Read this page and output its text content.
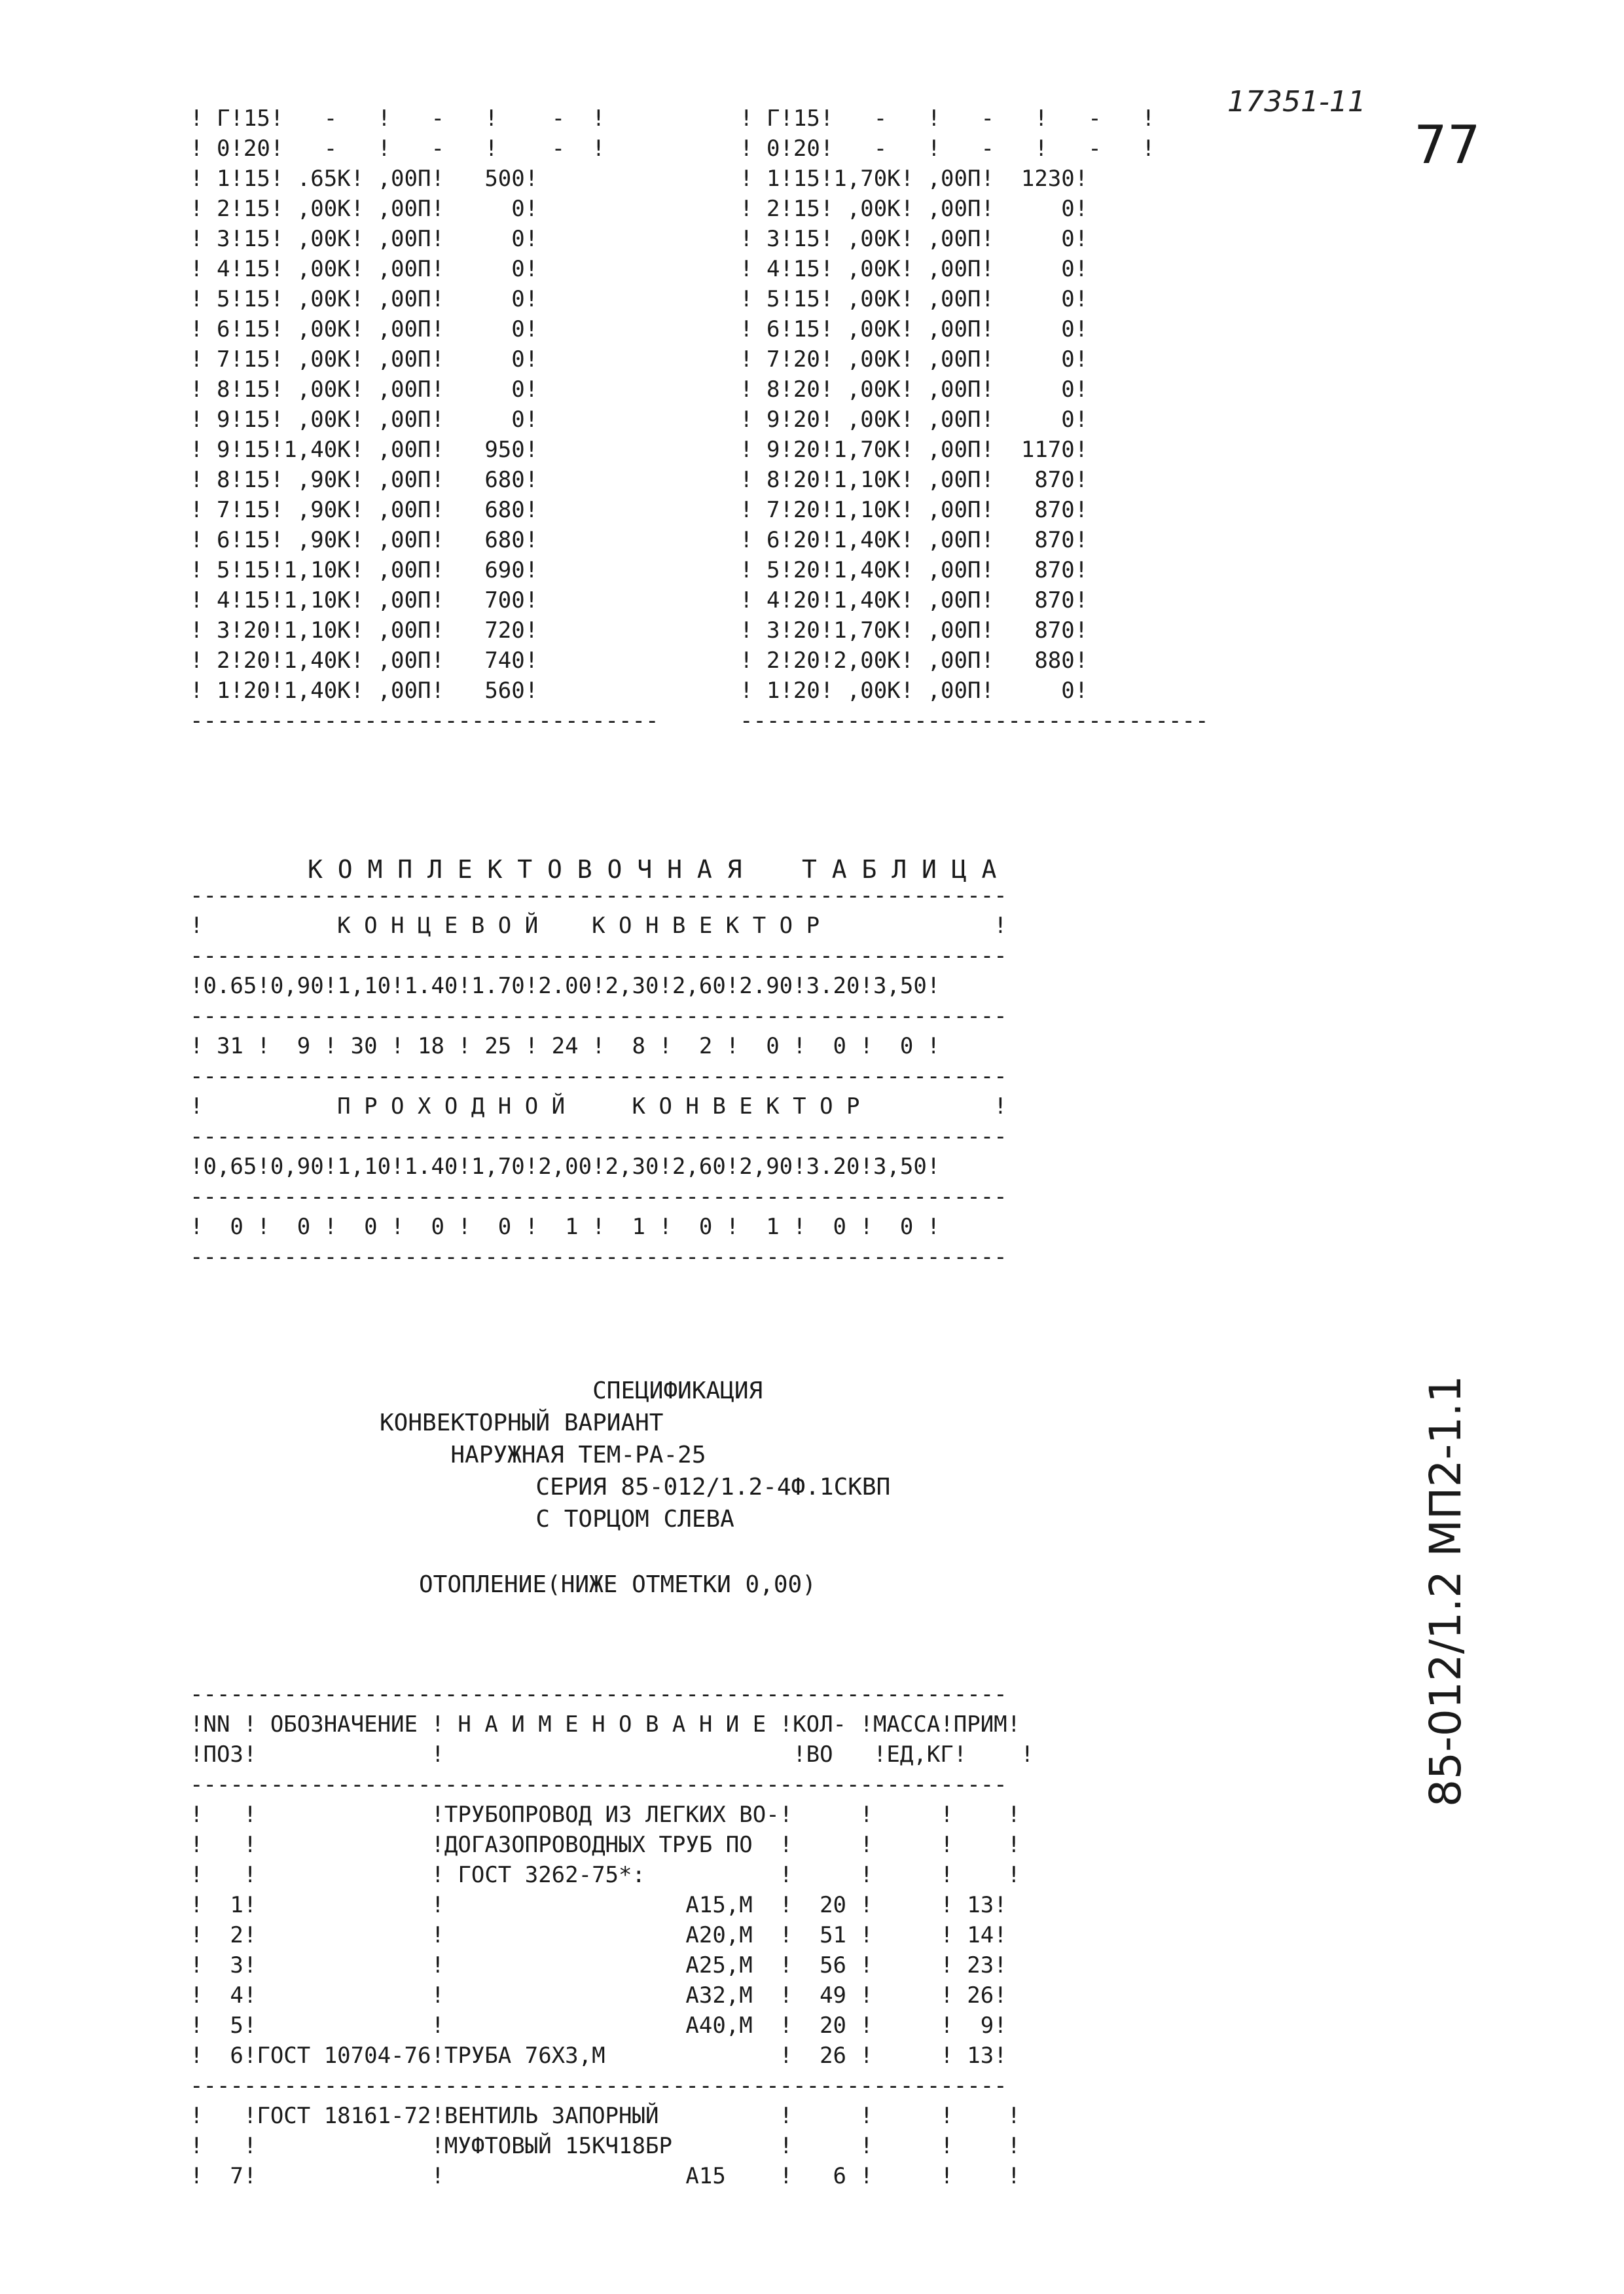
17351-11
77
85-012/1.2 МП2-1.1
! Г!15!   -   !   -   !    -  !
! 0!20!   -   !   -   !    -  !
! 1!15! .65К! ,00П!   500!
! 2!15! ,00К! ,00П!     0!
! 3!15! ,00К! ,00П!     0!
! 4!15! ,00К! ,00П!     0!
! 5!15! ,00К! ,00П!     0!
! 6!15! ,00К! ,00П!     0!
! 7!15! ,00К! ,00П!     0!
! 8!15! ,00К! ,00П!     0!
! 9!15! ,00К! ,00П!     0!
! 9!15!1,40К! ,00П!   950!
! 8!15! ,90К! ,00П!   680!
! 7!15! ,90К! ,00П!   680!
! 6!15! ,90К! ,00П!   680!
! 5!15!1,10К! ,00П!   690!
! 4!15!1,10К! ,00П!   700!
! 3!20!1,10К! ,00П!   720!
! 2!20!1,40К! ,00П!   740!
! 1!20!1,40К! ,00П!   560!
-----------------------------------
! Г!15!   -   !   -   !   -   !
! 0!20!   -   !   -   !   -   !
! 1!15!1,70К! ,00П!  1230!
! 2!15! ,00К! ,00П!     0!
! 3!15! ,00К! ,00П!     0!
! 4!15! ,00К! ,00П!     0!
! 5!15! ,00К! ,00П!     0!
! 6!15! ,00К! ,00П!     0!
! 7!20! ,00К! ,00П!     0!
! 8!20! ,00К! ,00П!     0!
! 9!20! ,00К! ,00П!     0!
! 9!20!1,70К! ,00П!  1170!
! 8!20!1,10К! ,00П!   870!
! 7!20!1,10К! ,00П!   870!
! 6!20!1,40К! ,00П!   870!
! 5!20!1,40К! ,00П!   870!
! 4!20!1,40К! ,00П!   870!
! 3!20!1,70К! ,00П!   870!
! 2!20!2,00К! ,00П!   880!
! 1!20! ,00К! ,00П!     0!
-----------------------------------
К О М П Л Е К Т О В О Ч Н А Я    Т А Б Л И Ц А
-------------------------------------------------------------
!          К О Н Ц Е В О Й    К О Н В Е К Т О Р             !
-------------------------------------------------------------
!0.65!0,90!1,10!1.40!1.70!2.00!2,30!2,60!2.90!3.20!3,50!
-------------------------------------------------------------
! 31 !  9 ! 30 ! 18 ! 25 ! 24 !  8 !  2 !  0 !  0 !  0 !
-------------------------------------------------------------
!          П Р О Х О Д Н О Й     К О Н В Е К Т О Р          !
-------------------------------------------------------------
!0,65!0,90!1,10!1.40!1,70!2,00!2,30!2,60!2,90!3.20!3,50!
-------------------------------------------------------------
!  0 !  0 !  0 !  0 !  0 !  1 !  1 !  0 !  1 !  0 !  0 !
-------------------------------------------------------------
СПЕЦИФИКАЦИЯ
КОНВЕКТОРНЫЙ ВАРИАНТ
НАРУЖНАЯ ТЕМ-РА-25
СЕРИЯ 85-012/1.2-4Ф.1СКВП
С ТОРЦОМ СЛЕВА
ОТОПЛЕНИЕ(НИЖЕ ОТМЕТКИ 0,00)
-------------------------------------------------------------
!NN ! ОБОЗНАЧЕНИЕ ! Н А И М Е Н О В А Н И Е !КОЛ- !МАССА!ПРИМ!
!ПОЗ!             !                          !ВО   !ЕД,КГ!    !
-------------------------------------------------------------
!   !             !ТРУБОПРОВОД ИЗ ЛЕГКИХ ВО-!     !     !    !
!   !             !ДОГАЗОПРОВОДНЫХ ТРУБ ПО  !     !     !    !
!   !             ! ГОСТ 3262-75*:          !     !     !    !
!  1!             !                  А15,М  !  20 !     ! 13!
!  2!             !                  А20,М  !  51 !     ! 14!
!  3!             !                  А25,М  !  56 !     ! 23!
!  4!             !                  А32,М  !  49 !     ! 26!
!  5!             !                  А40,М  !  20 !     !  9!
!  6!ГОСТ 10704-76!ТРУБА 76Х3,М             !  26 !     ! 13!
-------------------------------------------------------------
!   !ГОСТ 18161-72!ВЕНТИЛЬ ЗАПОРНЫЙ         !     !     !    !
!   !             !МУФТОВЫЙ 15КЧ18БР        !     !     !    !
!  7!             !                  А15    !   6 !     !    !
